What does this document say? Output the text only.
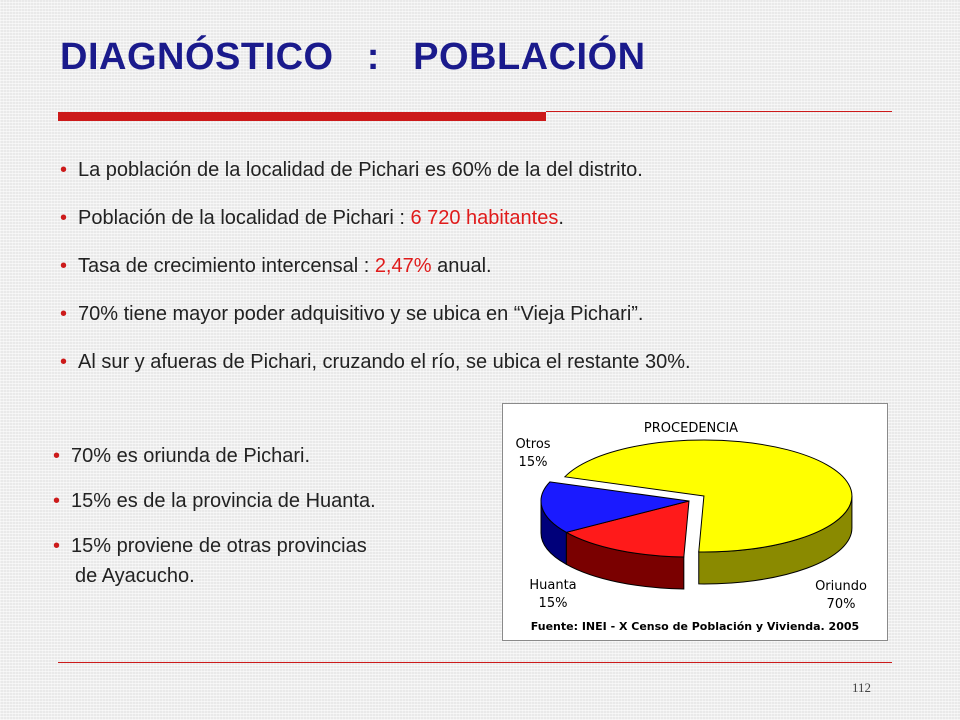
DIAGNÓSTICO   :   POBLACIÓN
• La población de la localidad de Pichari es 60% de la del distrito.
• Población de la localidad de Pichari : 6 720 habitantes.
• Tasa de crecimiento intercensal : 2,47% anual.
• 70% tiene mayor poder adquisitivo y se ubica en “Vieja Pichari”.
• Al sur y afueras de Pichari, cruzando el río, se ubica el restante 30%.
• 70% es oriunda de Pichari.
• 15% es de la provincia de Huanta.
• 15% proviene de otras provincias
de Ayacucho.
PROCEDENCIA
Otros
15%
Huanta
15%
Oriundo
70%
Fuente: INEI - X Censo de Población y Vivienda. 2005
112
